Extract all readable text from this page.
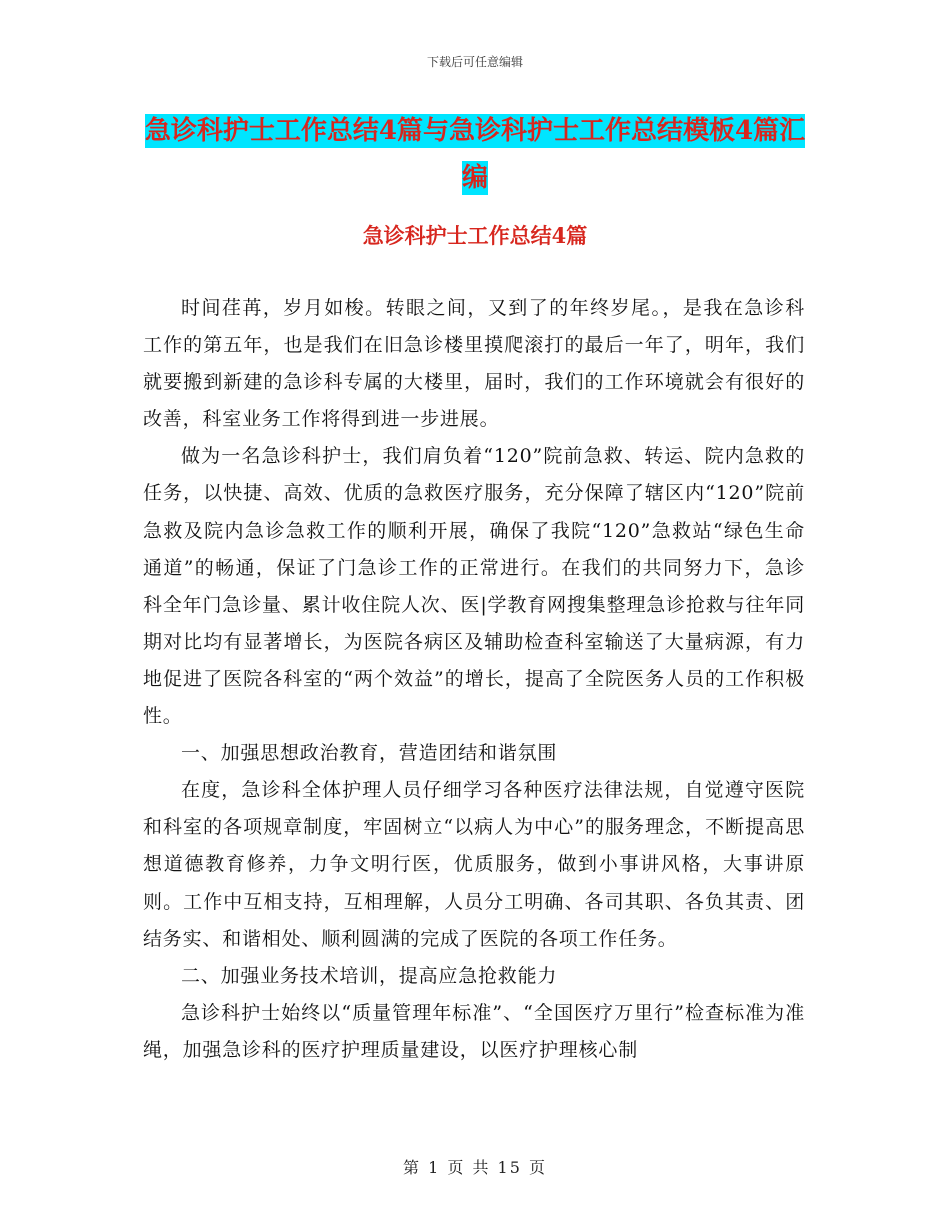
下载后可任意编辑
急诊科护士工作总结4篇与急诊科护士工作总结模板4篇汇编
急诊科护士工作总结4篇

时间荏苒，岁月如梭。转眼之间，又到了的年终岁尾。，是我在急诊科工作的第五年，也是我们在旧急诊楼里摸爬滚打的最后一年了，明年，我们就要搬到新建的急诊科专属的大楼里，届时，我们的工作环境就会有很好的改善，科室业务工作将得到进一步进展。

做为一名急诊科护士，我们肩负着“120”院前急救、转运、院内急救的任务，以快捷、高效、优质的急救医疗服务，充分保障了辖区内“120”院前急救及院内急诊急救工作的顺利开展，确保了我院“120”急救站“绿色生命通道”的畅通，保证了门急诊工作的正常进行。在我们的共同努力下，急诊科全年门急诊量、累计收住院人次、医|学教育网搜集整理急诊抢救与往年同期对比均有显著增长，为医院各病区及辅助检查科室输送了大量病源，有力地促进了医院各科室的“两个效益”的增长，提高了全院医务人员的工作积极性。

一、加强思想政治教育，营造团结和谐氛围

在度，急诊科全体护理人员仔细学习各种医疗法律法规，自觉遵守医院和科室的各项规章制度，牢固树立“以病人为中心”的服务理念，不断提高思想道德教育修养，力争文明行医，优质服务，做到小事讲风格，大事讲原则。工作中互相支持，互相理解，人员分工明确、各司其职、各负其责、团结务实、和谐相处、顺利圆满的完成了医院的各项工作任务。

二、加强业务技术培训，提高应急抢救能力

急诊科护士始终以“质量管理年标准”、“全国医疗万里行”检查标准为准绳，加强急诊科的医疗护理质量建设，以医疗护理核心制

第 1 页 共 15 页
